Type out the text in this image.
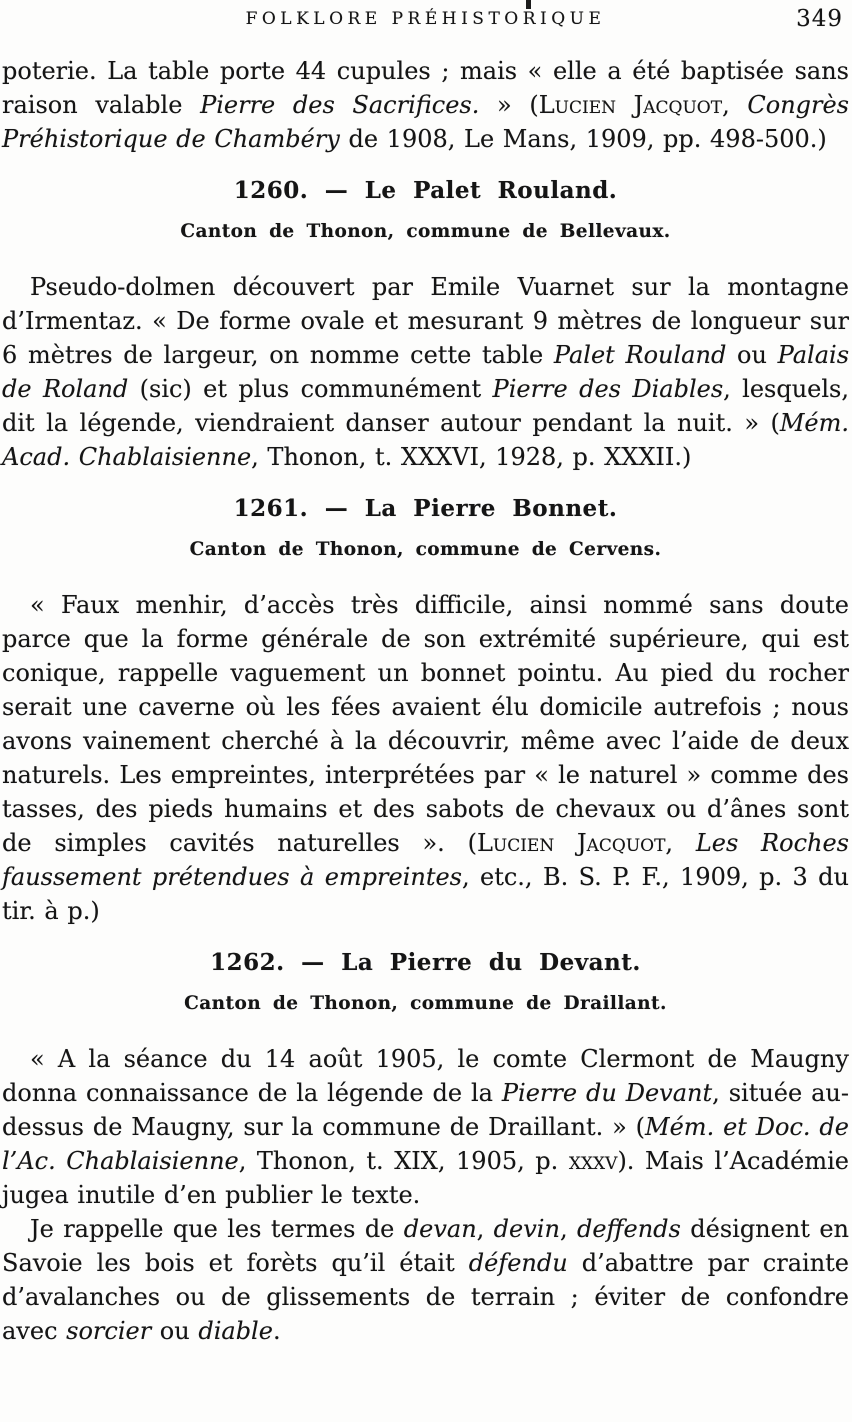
FOLKLORE PRÉHISTORIQUE	349

poterie. La table porte 44 cupules ; mais « elle a été baptisée sans raison valable Pierre des Sacrifices. » (Lucien Jacquot, Congrès Préhistorique de Chambéry de 1908, Le Mans, 1909, pp. 498-500.)

1260. — Le Palet Rouland.
Canton de Thonon, commune de Bellevaux.

Pseudo-dolmen découvert par Emile Vuarnet sur la montagne d’Irmentaz. « De forme ovale et mesurant 9 mètres de longueur sur 6 mètres de largeur, on nomme cette table Palet Rouland ou Palais de Roland (sic) et plus communément Pierre des Diables, lesquels, dit la légende, viendraient danser autour pendant la nuit. » (Mém. Acad. Chablaisienne, Thonon, t. XXXVI, 1928, p. XXXII.)

1261. — La Pierre Bonnet.
Canton de Thonon, commune de Cervens.

« Faux menhir, d’accès très difficile, ainsi nommé sans doute parce que la forme générale de son extrémité supérieure, qui est conique, rappelle vaguement un bonnet pointu. Au pied du rocher serait une caverne où les fées avaient élu domicile autrefois ; nous avons vainement cherché à la découvrir, même avec l’aide de deux naturels. Les empreintes, interprétées par « le naturel » comme des tasses, des pieds humains et des sabots de chevaux ou d’ânes sont de simples cavités naturelles ». (Lucien Jacquot, Les Roches faussement prétendues à empreintes, etc., B. S. P. F., 1909, p. 3 du tir. à p.)

1262. — La Pierre du Devant.
Canton de Thonon, commune de Draillant.

« A la séance du 14 août 1905, le comte Clermont de Maugny donna connaissance de la légende de la Pierre du Devant, située au-dessus de Maugny, sur la commune de Draillant. » (Mém. et Doc. de l’Ac. Chablaisienne, Thonon, t. XIX, 1905, p. xxxv). Mais l’Académie jugea inutile d’en publier le texte.

Je rappelle que les termes de devan, devin, deffends désignent en Savoie les bois et forèts qu’il était défendu d’abattre par crainte d’avalanches ou de glissements de terrain ; éviter de confondre avec sorcier ou diable.
